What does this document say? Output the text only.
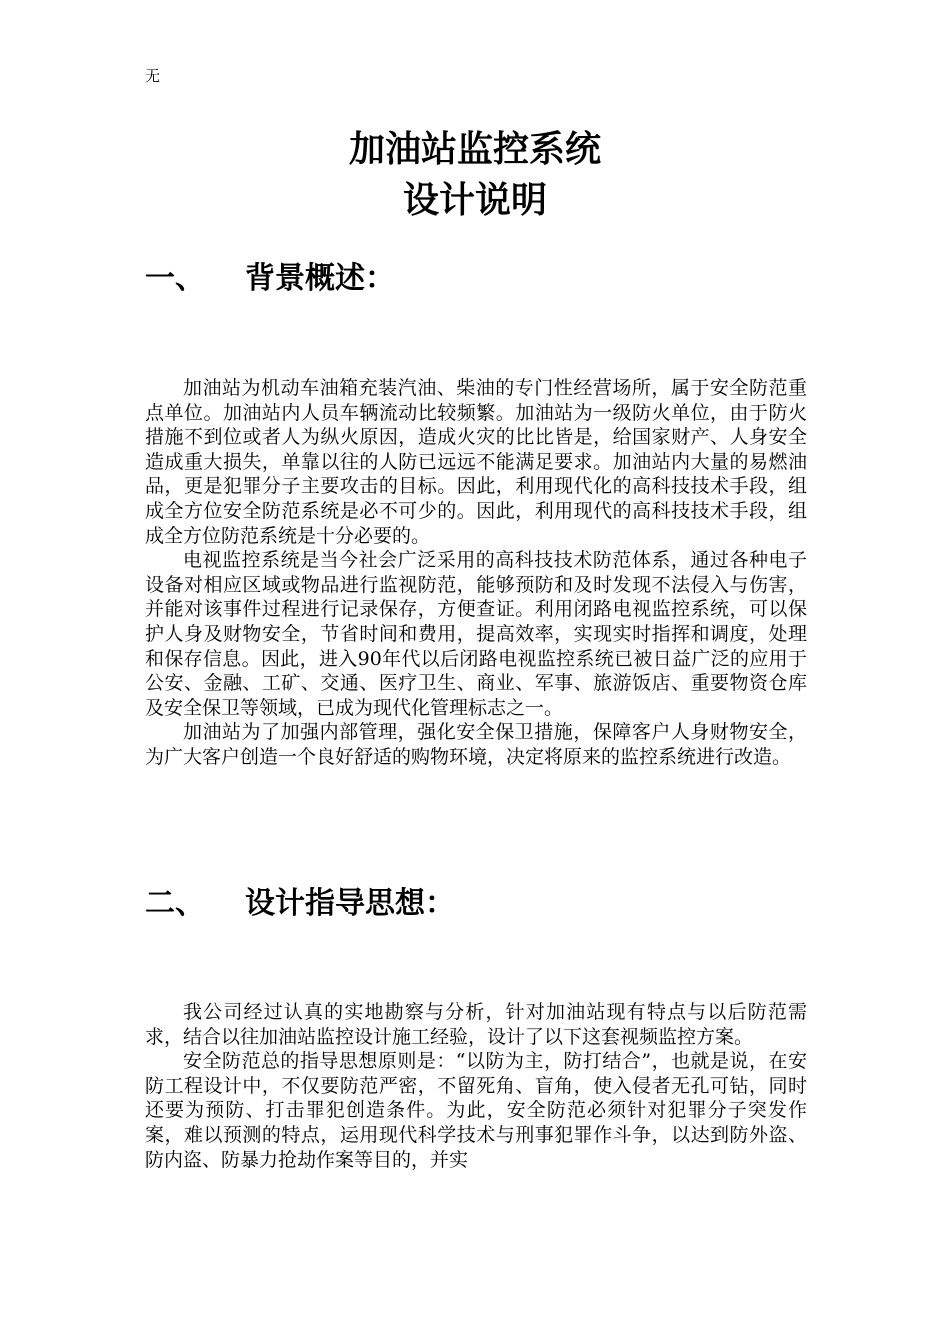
无
加油站监控系统
设计说明
一、 背景概述：

加油站为机动车油箱充装汽油、柴油的专门性经营场所，属于安全防范重点单位。加油站内人员车辆流动比较频繁。加油站为一级防火单位，由于防火措施不到位或者人为纵火原因，造成火灾的比比皆是，给国家财产、人身安全造成重大损失，单靠以往的人防已远远不能满足要求。加油站内大量的易燃油品，更是犯罪分子主要攻击的目标。因此，利用现代化的高科技技术手段，组成全方位安全防范系统是必不可少的。因此，利用现代的高科技技术手段，组成全方位防范系统是十分必要的。

电视监控系统是当今社会广泛采用的高科技技术防范体系，通过各种电子设备对相应区域或物品进行监视防范，能够预防和及时发现不法侵入与伤害，并能对该事件过程进行记录保存，方便查证。利用闭路电视监控系统，可以保护人身及财物安全，节省时间和费用，提高效率，实现实时指挥和调度，处理和保存信息。因此，进入90年代以后闭路电视监控系统已被日益广泛的应用于公安、金融、工矿、交通、医疗卫生、商业、军事、旅游饭店、重要物资仓库及安全保卫等领域，已成为现代化管理标志之一。

加油站为了加强内部管理，强化安全保卫措施，保障客户人身财物安全，为广大客户创造一个良好舒适的购物环境，决定将原来的监控系统进行改造。

二、 设计指导思想：

我公司经过认真的实地勘察与分析，针对加油站现有特点与以后防范需求，结合以往加油站监控设计施工经验，设计了以下这套视频监控方案。

安全防范总的指导思想原则是：“以防为主，防打结合”，也就是说，在安防工程设计中，不仅要防范严密，不留死角、盲角，使入侵者无孔可钻，同时还要为预防、打击罪犯创造条件。为此，安全防范必须针对犯罪分子突发作案，难以预测的特点，运用现代科学技术与刑事犯罪作斗争，以达到防外盗、防内盗、防暴力抢劫作案等目的，并实
